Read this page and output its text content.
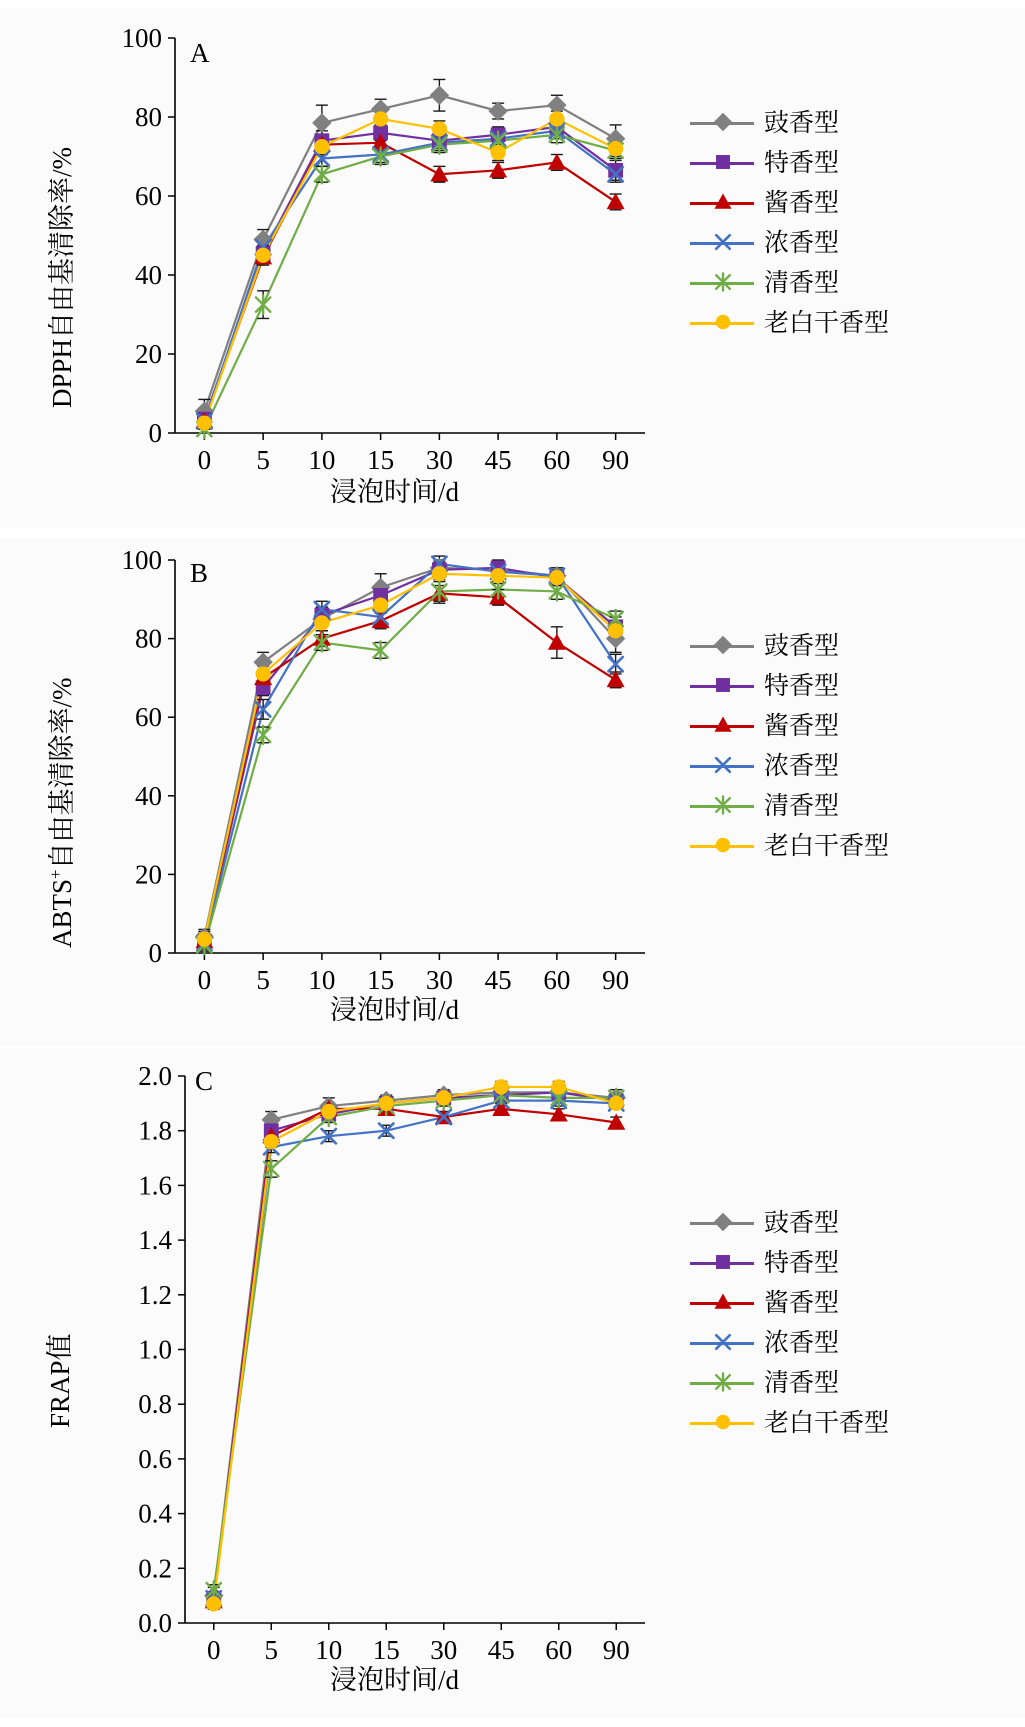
0
20
40
60
80
100
0 5 10 15 30 45 60 90
A
DPPH自由基清除率/%
浸泡时间/d
豉香型
特香型
酱香型
浓香型
清香型
老白干香型
0
20
40
60
80
100
0 5 10 15 30 45 60 90
B
ABTS+自由基清除率/%
浸泡时间/d
豉香型
特香型
酱香型
浓香型
清香型
老白干香型
0.0
0.2
0.4
0.6
0.8
1.0
1.2
1.4
1.6
1.8
2.0
0 5 10 15 30 45 60 90
C
FRAP值
浸泡时间/d
豉香型
特香型
酱香型
浓香型
清香型
老白干香型
